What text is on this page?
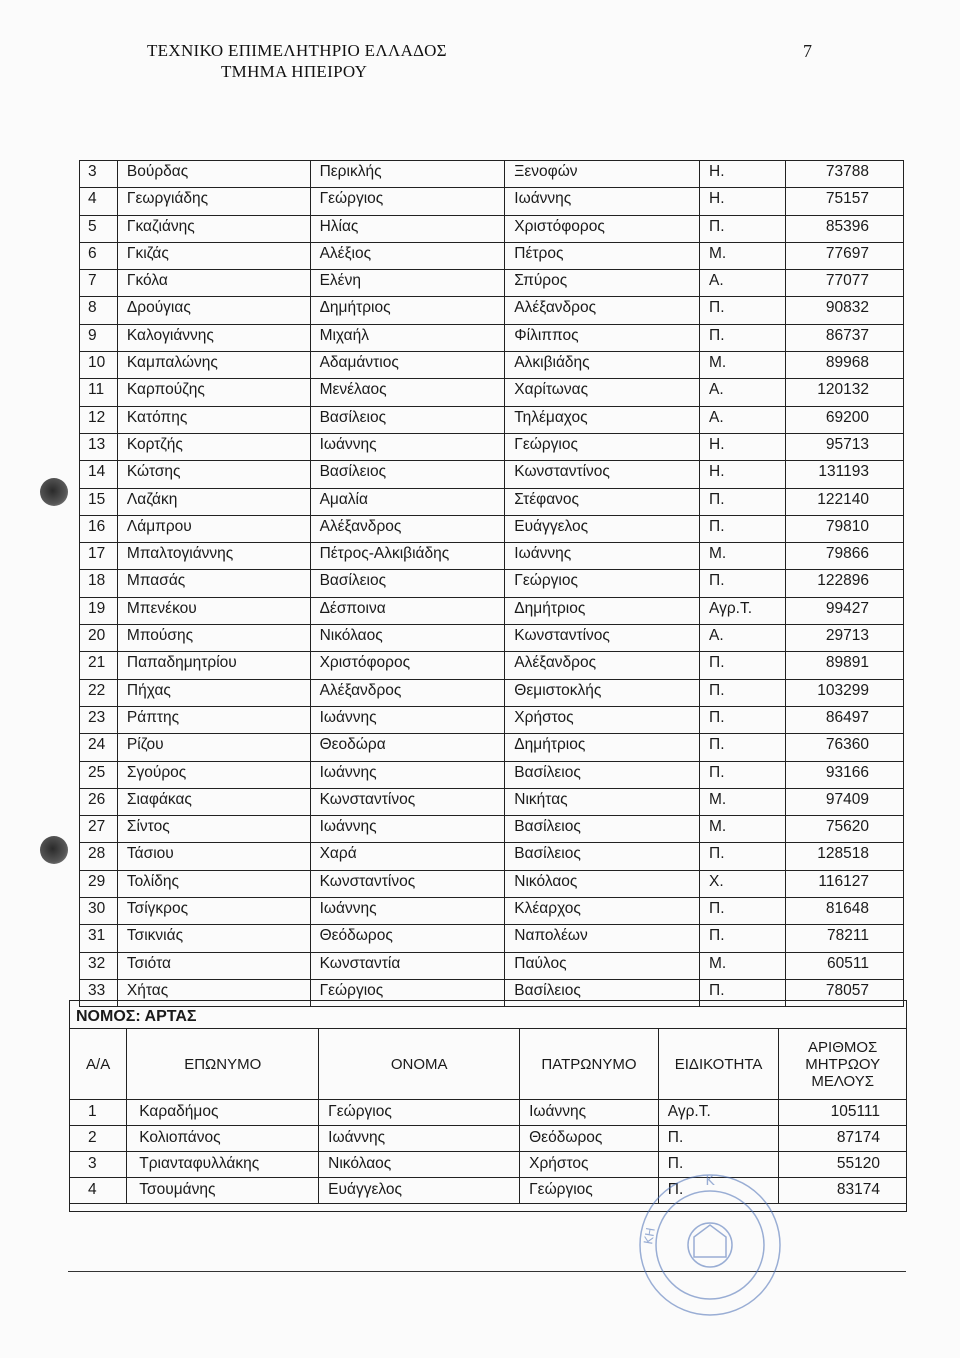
ΤΕΧΝΙΚΟ ΕΠΙΜΕΛΗΤΗΡΙΟ ΕΛΛΑΔΟΣ
ΤΜΗΜΑ ΗΠΕΙΡΟΥ
7
3	Βούρδας	Περικλής	Ξενοφών	Η.	73788
4	Γεωργιάδης	Γεώργιος	Ιωάννης	Η.	75157
5	Γκαζιάνης	Ηλίας	Χριστόφορος	Π.	85396
6	Γκιζάς	Αλέξιος	Πέτρος	Μ.	77697
7	Γκόλα	Ελένη	Σπύρος	Α.	77077
8	Δρούγιας	Δημήτριος	Αλέξανδρος	Π.	90832
9	Καλογιάννης	Μιχαήλ	Φίλιππος	Π.	86737
10	Καμπαλώνης	Αδαμάντιος	Αλκιβιάδης	Μ.	89968
11	Καρπούζης	Μενέλαος	Χαρίτωνας	Α.	120132
12	Κατόπης	Βασίλειος	Τηλέμαχος	Α.	69200
13	Κορτζής	Ιωάννης	Γεώργιος	Η.	95713
14	Κώτσης	Βασίλειος	Κωνσταντίνος	Η.	131193
15	Λαζάκη	Αμαλία	Στέφανος	Π.	122140
16	Λάμπρου	Αλέξανδρος	Ευάγγελος	Π.	79810
17	Μπαλτογιάννης	Πέτρος-Αλκιβιάδης	Ιωάννης	Μ.	79866
18	Μπασάς	Βασίλειος	Γεώργιος	Π.	122896
19	Μπενέκου	Δέσποινα	Δημήτριος	Αγρ.Τ.	99427
20	Μπούσης	Νικόλαος	Κωνσταντίνος	Α.	29713
21	Παπαδημητρίου	Χριστόφορος	Αλέξανδρος	Π.	89891
22	Πήχας	Αλέξανδρος	Θεμιστοκλής	Π.	103299
23	Ράπτης	Ιωάννης	Χρήστος	Π.	86497
24	Ρίζου	Θεοδώρα	Δημήτριος	Π.	76360
25	Σγούρος	Ιωάννης	Βασίλειος	Π.	93166
26	Σιαφάκας	Κωνσταντίνος	Νικήτας	Μ.	97409
27	Σίντος	Ιωάννης	Βασίλειος	Μ.	75620
28	Τάσιου	Χαρά	Βασίλειος	Π.	128518
29	Τολίδης	Κωνσταντίνος	Νικόλαος	Χ.	116127
30	Τσίγκρος	Ιωάννης	Κλέαρχος	Π.	81648
31	Τσικνιάς	Θεόδωρος	Ναπολέων	Π.	78211
32	Τσιότα	Κωνσταντία	Παύλος	Μ.	60511
33	Χήτας	Γεώργιος	Βασίλειος	Π.	78057
ΝΟΜΟΣ: ΑΡΤΑΣ
Α/Α	ΕΠΩΝΥΜΟ	ΟΝΟΜΑ	ΠΑΤΡΩΝΥΜΟ	ΕΙΔΙΚΟΤΗΤΑ	ΑΡΙΘΜΟΣ ΜΗΤΡΩΟΥ ΜΕΛΟΥΣ
1	Καραδήμος	Γεώργιος	Ιωάννης	Αγρ.Τ.	105111
2	Κολιοπάνος	Ιωάννης	Θεόδωρος	Π.	87174
3	Τριανταφυλλάκης	Νικόλαος	Χρήστος	Π.	55120
4	Τσουμάνης	Ευάγγελος	Γεώργιος	Π.	83174
Κ
ΚΗ
